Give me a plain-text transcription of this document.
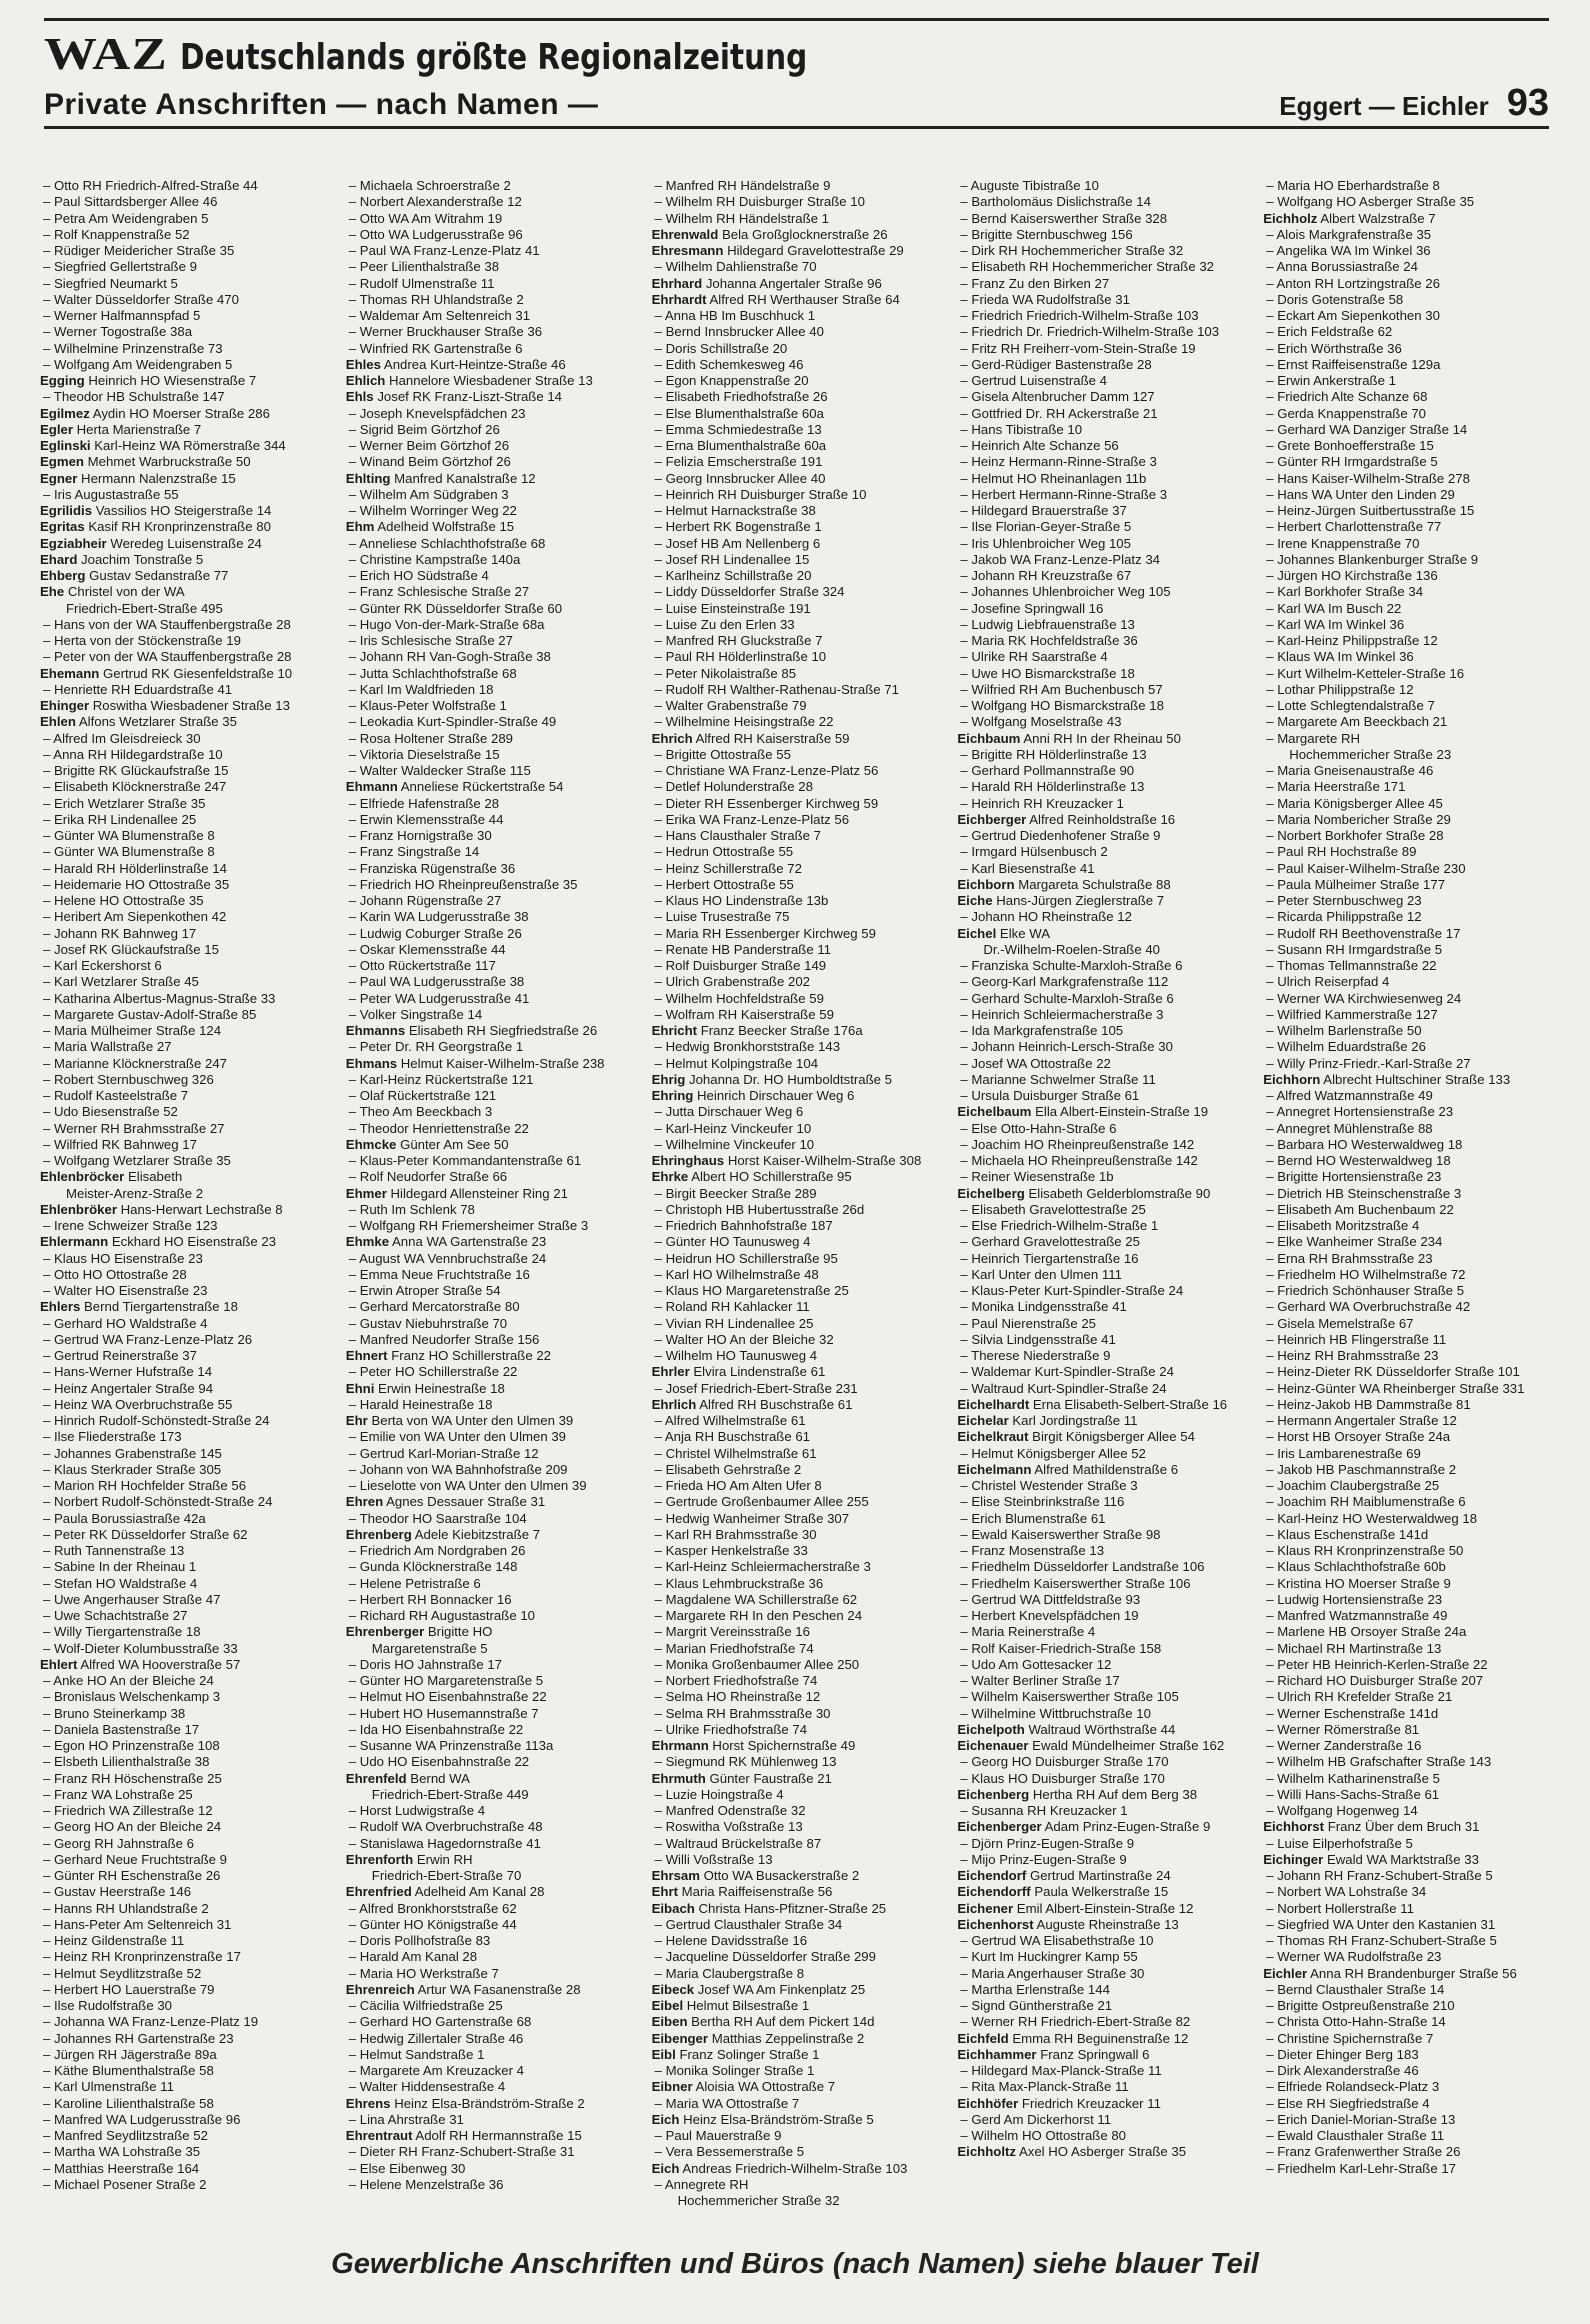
WAZ Deutschlands größte Regionalzeitung
Private Anschriften — nach Namen —	Eggert — Eichler 93
– Otto RH Friedrich-Alfred-Straße 44
– Paul Sittardsberger Allee 46
– Petra Am Weidengraben 5
– Rolf Knappenstraße 52
– Rüdiger Meidericher Straße 35
– Siegfried Gellertstraße 9
– Siegfried Neumarkt 5
– Walter Düsseldorfer Straße 470
– Werner Halfmannspfad 5
– Werner Togostraße 38a
– Wilhelmine Prinzenstraße 73
– Wolfgang Am Weidengraben 5
Egging Heinrich HO Wiesenstraße 7
– Theodor HB Schulstraße 147
Egilmez Aydin HO Moerser Straße 286
Egler Herta Marienstraße 7
Eglinski Karl-Heinz WA Römerstraße 344
Egmen Mehmet Warbruckstraße 50
Egner Hermann Nalenzstraße 15
– Iris Augustastraße 55
Egrilidis Vassilios HO Steigerstraße 14
Egritas Kasif RH Kronprinzenstraße 80
Egziabheir Weredeg Luisenstraße 24
Ehard Joachim Tonstraße 5
Ehberg Gustav Sedanstraße 77
Ehe Christel von der WA
Friedrich-Ebert-Straße 495
– Hans von der WA Stauffenbergstraße 28
– Herta von der Stöckenstraße 19
– Peter von der WA Stauffenbergstraße 28
Ehemann Gertrud RK Giesenfeldstraße 10
– Henriette RH Eduardstraße 41
Ehinger Roswitha Wiesbadener Straße 13
Ehlen Alfons Wetzlarer Straße 35
– Alfred Im Gleisdreieck 30
– Anna RH Hildegardstraße 10
– Brigitte RK Glückaufstraße 15
– Elisabeth Klöcknerstraße 247
– Erich Wetzlarer Straße 35
– Erika RH Lindenallee 25
– Günter WA Blumenstraße 8
– Günter WA Blumenstraße 8
– Harald RH Hölderlinstraße 14
– Heidemarie HO Ottostraße 35
– Helene HO Ottostraße 35
– Heribert Am Siepenkothen 42
– Johann RK Bahnweg 17
– Josef RK Glückaufstraße 15
– Karl Eckershorst 6
– Karl Wetzlarer Straße 45
– Katharina Albertus-Magnus-Straße 33
– Margarete Gustav-Adolf-Straße 85
– Maria Mülheimer Straße 124
– Maria Wallstraße 27
– Marianne Klöcknerstraße 247
– Robert Sternbuschweg 326
– Rudolf Kasteelstraße 7
– Udo Biesenstraße 52
– Werner RH Brahmsstraße 27
– Wilfried RK Bahnweg 17
– Wolfgang Wetzlarer Straße 35
Ehlenbröcker Elisabeth
Meister-Arenz-Straße 2
Ehlenbröker Hans-Herwart Lechstraße 8
– Irene Schweizer Straße 123
Ehlermann Eckhard HO Eisenstraße 23
– Klaus HO Eisenstraße 23
– Otto HO Ottostraße 28
– Walter HO Eisenstraße 23
Ehlers Bernd Tiergartenstraße 18
– Gerhard HO Waldstraße 4
– Gertrud WA Franz-Lenze-Platz 26
– Gertrud Reinerstraße 37
– Hans-Werner Hufstraße 14
– Heinz Angertaler Straße 94
– Heinz WA Overbruchstraße 55
– Hinrich Rudolf-Schönstedt-Straße 24
– Ilse Fliederstraße 173
– Johannes Grabenstraße 145
– Klaus Sterkrader Straße 305
– Marion RH Hochfelder Straße 56
– Norbert Rudolf-Schönstedt-Straße 24
– Paula Borussiastraße 42a
– Peter RK Düsseldorfer Straße 62
– Ruth Tannenstraße 13
– Sabine In der Rheinau 1
– Stefan HO Waldstraße 4
– Uwe Angerhauser Straße 47
– Uwe Schachtstraße 27
– Willy Tiergartenstraße 18
– Wolf-Dieter Kolumbusstraße 33
Ehlert Alfred WA Hooverstraße 57
– Anke HO An der Bleiche 24
– Bronislaus Welschenkamp 3
– Bruno Steinerkamp 38
– Daniela Bastenstraße 17
– Egon HO Prinzenstraße 108
– Elsbeth Lilienthalstraße 38
– Franz RH Höschenstraße 25
– Franz WA Lohstraße 25
– Friedrich WA Zillestraße 12
– Georg HO An der Bleiche 24
– Georg RH Jahnstraße 6
– Gerhard Neue Fruchtstraße 9
– Günter RH Eschenstraße 26
– Gustav Heerstraße 146
– Hanns RH Uhlandstraße 2
– Hans-Peter Am Seltenreich 31
– Heinz Gildenstraße 11
– Heinz RH Kronprinzenstraße 17
– Helmut Seydlitzstraße 52
– Herbert HO Lauerstraße 79
– Ilse Rudolfstraße 30
– Johanna WA Franz-Lenze-Platz 19
– Johannes RH Gartenstraße 23
– Jürgen RH Jägerstraße 89a
– Käthe Blumenthalstraße 58
– Karl Ulmenstraße 11
– Karoline Lilienthalstraße 58
– Manfred WA Ludgerusstraße 96
– Manfred Seydlitzstraße 52
– Martha WA Lohstraße 35
– Matthias Heerstraße 164
– Michael Posener Straße 2
– Michaela Schroerstraße 2
– Norbert Alexanderstraße 12
– Otto WA Am Witrahm 19
– Otto WA Ludgerusstraße 96
– Paul WA Franz-Lenze-Platz 41
– Peer Lilienthalstraße 38
– Rudolf Ulmenstraße 11
– Thomas RH Uhlandstraße 2
– Waldemar Am Seltenreich 31
– Werner Bruckhauser Straße 36
– Winfried RK Gartenstraße 6
Ehles Andrea Kurt-Heintze-Straße 46
Ehlich Hannelore Wiesbadener Straße 13
Ehls Josef RK Franz-Liszt-Straße 14
– Joseph Knevelspfädchen 23
– Sigrid Beim Görtzhof 26
– Werner Beim Görtzhof 26
– Winand Beim Görtzhof 26
Ehlting Manfred Kanalstraße 12
– Wilhelm Am Südgraben 3
– Wilhelm Worringer Weg 22
Ehm Adelheid Wolfstraße 15
– Anneliese Schlachthofstraße 68
– Christine Kampstraße 140a
– Erich HO Südstraße 4
– Franz Schlesische Straße 27
– Günter RK Düsseldorfer Straße 60
– Hugo Von-der-Mark-Straße 68a
– Iris Schlesische Straße 27
– Johann RH Van-Gogh-Straße 38
– Jutta Schlachthofstraße 68
– Karl Im Waldfrieden 18
– Klaus-Peter Wolfstraße 1
– Leokadia Kurt-Spindler-Straße 49
– Rosa Holtener Straße 289
– Viktoria Dieselstraße 15
– Walter Waldecker Straße 115
Ehmann Anneliese Rückertstraße 54
– Elfriede Hafenstraße 28
– Erwin Klemensstraße 44
– Franz Hornigstraße 30
– Franz Singstraße 14
– Franziska Rügenstraße 36
– Friedrich HO Rheinpreußenstraße 35
– Johann Rügenstraße 27
– Karin WA Ludgerusstraße 38
– Ludwig Coburger Straße 26
– Oskar Klemensstraße 44
– Otto Rückertstraße 117
– Paul WA Ludgerusstraße 38
– Peter WA Ludgerusstraße 41
– Volker Singstraße 14
Ehmanns Elisabeth RH Siegfriedstraße 26
– Peter Dr. RH Georgstraße 1
Ehmans Helmut Kaiser-Wilhelm-Straße 238
– Karl-Heinz Rückertstraße 121
– Olaf Rückertstraße 121
– Theo Am Beeckbach 3
– Theodor Henriettenstraße 22
Ehmcke Günter Am See 50
– Klaus-Peter Kommandantenstraße 61
– Rolf Neudorfer Straße 66
Ehmer Hildegard Allensteiner Ring 21
– Ruth Im Schlenk 78
– Wolfgang RH Friemersheimer Straße 3
Ehmke Anna WA Gartenstraße 23
– August WA Vennbruchstraße 24
– Emma Neue Fruchtstraße 16
– Erwin Atroper Straße 54
– Gerhard Mercatorstraße 80
– Gustav Niebuhrstraße 70
– Manfred Neudorfer Straße 156
Ehnert Franz HO Schillerstraße 22
– Peter HO Schillerstraße 22
Ehni Erwin Heinestraße 18
– Harald Heinestraße 18
Ehr Berta von WA Unter den Ulmen 39
– Emilie von WA Unter den Ulmen 39
– Gertrud Karl-Morian-Straße 12
– Johann von WA Bahnhofstraße 209
– Lieselotte von WA Unter den Ulmen 39
Ehren Agnes Dessauer Straße 31
– Theodor HO Saarstraße 104
Ehrenberg Adele Kiebitzstraße 7
– Friedrich Am Nordgraben 26
– Gunda Klöcknerstraße 148
– Helene Petristraße 6
– Herbert RH Bonnacker 16
– Richard RH Augustastraße 10
Ehrenberger Brigitte HO
Margaretenstraße 5
– Doris HO Jahnstraße 17
– Günter HO Margaretenstraße 5
– Helmut HO Eisenbahnstraße 22
– Hubert HO Husemannstraße 7
– Ida HO Eisenbahnstraße 22
– Susanne WA Prinzenstraße 113a
– Udo HO Eisenbahnstraße 22
Ehrenfeld Bernd WA
Friedrich-Ebert-Straße 449
– Horst Ludwigstraße 4
– Rudolf WA Overbruchstraße 48
– Stanislawa Hagedornstraße 41
Ehrenforth Erwin RH
Friedrich-Ebert-Straße 70
Ehrenfried Adelheid Am Kanal 28
– Alfred Bronkhorststraße 62
– Günter HO Königstraße 44
– Doris Pollhofstraße 83
– Harald Am Kanal 28
– Maria HO Werkstraße 7
Ehrenreich Artur WA Fasanenstraße 28
– Cäcilia Wilfriedstraße 25
– Gerhard HO Gartenstraße 68
– Hedwig Zillertaler Straße 46
– Helmut Sandstraße 1
– Margarete Am Kreuzacker 4
– Walter Hiddensestraße 4
Ehrens Heinz Elsa-Brändström-Straße 2
– Lina Ahrstraße 31
Ehrentraut Adolf RH Hermannstraße 15
– Dieter RH Franz-Schubert-Straße 31
– Else Eibenweg 30
– Helene Menzelstraße 36
– Manfred RH Händelstraße 9
– Wilhelm RH Duisburger Straße 10
– Wilhelm RH Händelstraße 1
Ehrenwald Bela Großglocknerstraße 26
Ehresmann Hildegard Gravelottestraße 29
– Wilhelm Dahlienstraße 70
Ehrhard Johanna Angertaler Straße 96
Ehrhardt Alfred RH Werthauser Straße 64
– Anna HB Im Buschhuck 1
– Bernd Innsbrucker Allee 40
– Doris Schillstraße 20
– Edith Schemkesweg 46
– Egon Knappenstraße 20
– Elisabeth Friedhofstraße 26
– Else Blumenthalstraße 60a
– Emma Schmiedestraße 13
– Erna Blumenthalstraße 60a
– Felizia Emscherstraße 191
– Georg Innsbrucker Allee 40
– Heinrich RH Duisburger Straße 10
– Helmut Harnackstraße 38
– Herbert RK Bogenstraße 1
– Josef HB Am Nellenberg 6
– Josef RH Lindenallee 15
– Karlheinz Schillstraße 20
– Liddy Düsseldorfer Straße 324
– Luise Einsteinstraße 191
– Luise Zu den Erlen 33
– Manfred RH Gluckstraße 7
– Paul RH Hölderlinstraße 10
– Peter Nikolaistraße 85
– Rudolf RH Walther-Rathenau-Straße 71
– Walter Grabenstraße 79
– Wilhelmine Heisingstraße 22
Ehrich Alfred RH Kaiserstraße 59
– Brigitte Ottostraße 55
– Christiane WA Franz-Lenze-Platz 56
– Detlef Holunderstraße 28
– Dieter RH Essenberger Kirchweg 59
– Erika WA Franz-Lenze-Platz 56
– Hans Clausthaler Straße 7
– Hedrun Ottostraße 55
– Heinz Schillerstraße 72
– Herbert Ottostraße 55
– Klaus HO Lindenstraße 13b
– Luise Trusestraße 75
– Maria RH Essenberger Kirchweg 59
– Renate HB Panderstraße 11
– Rolf Duisburger Straße 149
– Ulrich Grabenstraße 202
– Wilhelm Hochfeldstraße 59
– Wolfram RH Kaiserstraße 59
Ehricht Franz Beecker Straße 176a
– Hedwig Bronkhorststraße 143
– Helmut Kolpingstraße 104
Ehrig Johanna Dr. HO Humboldtstraße 5
Ehring Heinrich Dirschauer Weg 6
– Jutta Dirschauer Weg 6
– Karl-Heinz Vinckeufer 10
– Wilhelmine Vinckeufer 10
Ehringhaus Horst Kaiser-Wilhelm-Straße 308
Ehrke Albert HO Schillerstraße 95
– Birgit Beecker Straße 289
– Christoph HB Hubertusstraße 26d
– Friedrich Bahnhofstraße 187
– Günter HO Taunusweg 4
– Heidrun HO Schillerstraße 95
– Karl HO Wilhelmstraße 48
– Klaus HO Margaretenstraße 25
– Roland RH Kahlacker 11
– Vivian RH Lindenallee 25
– Walter HO An der Bleiche 32
– Wilhelm HO Taunusweg 4
Ehrler Elvira Lindenstraße 61
– Josef Friedrich-Ebert-Straße 231
Ehrlich Alfred RH Buschstraße 61
– Alfred Wilhelmstraße 61
– Anja RH Buschstraße 61
– Christel Wilhelmstraße 61
– Elisabeth Gehrstraße 2
– Frieda HO Am Alten Ufer 8
– Gertrude Großenbaumer Allee 255
– Hedwig Wanheimer Straße 307
– Karl RH Brahmsstraße 30
– Kasper Henkelstraße 33
– Karl-Heinz Schleiermacherstraße 3
– Klaus Lehmbruckstraße 36
– Magdalene WA Schillerstraße 62
– Margarete RH In den Peschen 24
– Margrit Vereinsstraße 16
– Marian Friedhofstraße 74
– Monika Großenbaumer Allee 250
– Norbert Friedhofstraße 74
– Selma HO Rheinstraße 12
– Selma RH Brahmsstraße 30
– Ulrike Friedhofstraße 74
Ehrmann Horst Spichernstraße 49
– Siegmund RK Mühlenweg 13
Ehrmuth Günter Faustraße 21
– Luzie Hoingstraße 4
– Manfred Odenstraße 32
– Roswitha Voßstraße 13
– Waltraud Brückelstraße 87
– Willi Voßstraße 13
Ehrsam Otto WA Busackerstraße 2
Ehrt Maria Raiffeisenstraße 56
Eibach Christa Hans-Pfitzner-Straße 25
– Gertrud Clausthaler Straße 34
– Helene Davidsstraße 16
– Jacqueline Düsseldorfer Straße 299
– Maria Claubergstraße 8
Eibeck Josef WA Am Finkenplatz 25
Eibel Helmut Bilsestraße 1
Eiben Bertha RH Auf dem Pickert 14d
Eibenger Matthias Zeppelinstraße 2
Eibl Franz Solinger Straße 1
– Monika Solinger Straße 1
Eibner Aloisia WA Ottostraße 7
– Maria WA Ottostraße 7
Eich Heinz Elsa-Brändström-Straße 5
– Paul Mauerstraße 9
– Vera Bessemerstraße 5
Eich Andreas Friedrich-Wilhelm-Straße 103
– Annegrete RH
Hochemmericher Straße 32
– Auguste Tibistraße 10
– Bartholomäus Dislichstraße 14
– Bernd Kaiserswerther Straße 328
– Brigitte Sternbuschweg 156
– Dirk RH Hochemmericher Straße 32
– Elisabeth RH Hochemmericher Straße 32
– Franz Zu den Birken 27
– Frieda WA Rudolfstraße 31
– Friedrich Friedrich-Wilhelm-Straße 103
– Friedrich Dr. Friedrich-Wilhelm-Straße 103
– Fritz RH Freiherr-vom-Stein-Straße 19
– Gerd-Rüdiger Bastenstraße 28
– Gertrud Luisenstraße 4
– Gisela Altenbrucher Damm 127
– Gottfried Dr. RH Ackerstraße 21
– Hans Tibistraße 10
– Heinrich Alte Schanze 56
– Heinz Hermann-Rinne-Straße 3
– Helmut HO Rheinanlagen 11b
– Herbert Hermann-Rinne-Straße 3
– Hildegard Brauerstraße 37
– Ilse Florian-Geyer-Straße 5
– Iris Uhlenbroicher Weg 105
– Jakob WA Franz-Lenze-Platz 34
– Johann RH Kreuzstraße 67
– Johannes Uhlenbroicher Weg 105
– Josefine Springwall 16
– Ludwig Liebfrauenstraße 13
– Maria RK Hochfeldstraße 36
– Ulrike RH Saarstraße 4
– Uwe HO Bismarckstraße 18
– Wilfried RH Am Buchenbusch 57
– Wolfgang HO Bismarckstraße 18
– Wolfgang Moselstraße 43
Eichbaum Anni RH In der Rheinau 50
– Brigitte RH Hölderlinstraße 13
– Gerhard Pollmannstraße 90
– Harald RH Hölderlinstraße 13
– Heinrich RH Kreuzacker 1
Eichberger Alfred Reinholdstraße 16
– Gertrud Diedenhofener Straße 9
– Irmgard Hülsenbusch 2
– Karl Biesenstraße 41
Eichborn Margareta Schulstraße 88
Eiche Hans-Jürgen Zieglerstraße 7
– Johann HO Rheinstraße 12
Eichel Elke WA
Dr.-Wilhelm-Roelen-Straße 40
– Franziska Schulte-Marxloh-Straße 6
– Georg-Karl Markgrafenstraße 112
– Gerhard Schulte-Marxloh-Straße 6
– Heinrich Schleiermacherstraße 3
– Ida Markgrafenstraße 105
– Johann Heinrich-Lersch-Straße 30
– Josef WA Ottostraße 22
– Marianne Schwelmer Straße 11
– Ursula Duisburger Straße 61
Eichelbaum Ella Albert-Einstein-Straße 19
– Else Otto-Hahn-Straße 6
– Joachim HO Rheinpreußenstraße 142
– Michaela HO Rheinpreußenstraße 142
– Reiner Wiesenstraße 1b
Eichelberg Elisabeth Gelderblomstraße 90
– Elisabeth Gravelottestraße 25
– Else Friedrich-Wilhelm-Straße 1
– Gerhard Gravelottestraße 25
– Heinrich Tiergartenstraße 16
– Karl Unter den Ulmen 111
– Klaus-Peter Kurt-Spindler-Straße 24
– Monika Lindgensstraße 41
– Paul Nierenstraße 25
– Silvia Lindgensstraße 41
– Therese Niederstraße 9
– Waldemar Kurt-Spindler-Straße 24
– Waltraud Kurt-Spindler-Straße 24
Eichelhardt Erna Elisabeth-Selbert-Straße 16
Eichelar Karl Jordingstraße 11
Eichelkraut Birgit Königsberger Allee 54
– Helmut Königsberger Allee 52
Eichelmann Alfred Mathildenstraße 6
– Christel Westender Straße 3
– Elise Steinbrinkstraße 116
– Erich Blumenstraße 61
– Ewald Kaiserswerther Straße 98
– Franz Mosenstraße 13
– Friedhelm Düsseldorfer Landstraße 106
– Friedhelm Kaiserswerther Straße 106
– Gertrud WA Dittfeldstraße 93
– Herbert Knevelspfädchen 19
– Maria Reinerstraße 4
– Rolf Kaiser-Friedrich-Straße 158
– Udo Am Gottesacker 12
– Walter Berliner Straße 17
– Wilhelm Kaiserswerther Straße 105
– Wilhelmine Wittbruchstraße 10
Eichelpoth Waltraud Wörthstraße 44
Eichenauer Ewald Mündelheimer Straße 162
– Georg HO Duisburger Straße 170
– Klaus HO Duisburger Straße 170
Eichenberg Hertha RH Auf dem Berg 38
– Susanna RH Kreuzacker 1
Eichenberger Adam Prinz-Eugen-Straße 9
– Djörn Prinz-Eugen-Straße 9
– Mijo Prinz-Eugen-Straße 9
Eichendorf Gertrud Martinstraße 24
Eichendorff Paula Welkerstraße 15
Eichener Emil Albert-Einstein-Straße 12
Eichenhorst Auguste Rheinstraße 13
– Gertrud WA Elisabethstraße 10
– Kurt Im Huckingrer Kamp 55
– Maria Angerhauser Straße 30
– Martha Erlenstraße 144
– Signd Güntherstraße 21
– Werner RH Friedrich-Ebert-Straße 82
Eichfeld Emma RH Beguinenstraße 12
Eichhammer Franz Springwall 6
– Hildegard Max-Planck-Straße 11
– Rita Max-Planck-Straße 11
Eichhöfer Friedrich Kreuzacker 11
– Gerd Am Dickerhorst 11
– Wilhelm HO Ottostraße 80
Eichholtz Axel HO Asberger Straße 35
– Maria HO Eberhardstraße 8
– Wolfgang HO Asberger Straße 35
Eichholz Albert Walzstraße 7
– Alois Markgrafenstraße 35
– Angelika WA Im Winkel 36
– Anna Borussiastraße 24
– Anton RH Lortzingstraße 26
– Doris Gotenstraße 58
– Eckart Am Siepenkothen 30
– Erich Feldstraße 62
– Erich Wörthstraße 36
– Ernst Raiffeisenstraße 129a
– Erwin Ankerstraße 1
– Friedrich Alte Schanze 68
– Gerda Knappenstraße 70
– Gerhard WA Danziger Straße 14
– Grete Bonhoefferstraße 15
– Günter RH Irmgardstraße 5
– Hans Kaiser-Wilhelm-Straße 278
– Hans WA Unter den Linden 29
– Heinz-Jürgen Suitbertusstraße 15
– Herbert Charlottenstraße 77
– Irene Knappenstraße 70
– Johannes Blankenburger Straße 9
– Jürgen HO Kirchstraße 136
– Karl Borkhofer Straße 34
– Karl WA Im Busch 22
– Karl WA Im Winkel 36
– Karl-Heinz Philippstraße 12
– Klaus WA Im Winkel 36
– Kurt Wilhelm-Ketteler-Straße 16
– Lothar Philippstraße 12
– Lotte Schlegtendalstraße 7
– Margarete Am Beeckbach 21
– Margarete RH
Hochemmericher Straße 23
– Maria Gneisenaustraße 46
– Maria Heerstraße 171
– Maria Königsberger Allee 45
– Maria Nombericher Straße 29
– Norbert Borkhofer Straße 28
– Paul RH Hochstraße 89
– Paul Kaiser-Wilhelm-Straße 230
– Paula Mülheimer Straße 177
– Peter Sternbuschweg 23
– Ricarda Philippstraße 12
– Rudolf RH Beethovenstraße 17
– Susann RH Irmgardstraße 5
– Thomas Tellmannstraße 22
– Ulrich Reiserpfad 4
– Werner WA Kirchwiesenweg 24
– Wilfried Kammerstraße 127
– Wilhelm Barlenstraße 50
– Wilhelm Eduardstraße 26
– Willy Prinz-Friedr.-Karl-Straße 27
Eichhorn Albrecht Hultschiner Straße 133
– Alfred Watzmannstraße 49
– Annegret Hortensienstraße 23
– Annegret Mühlenstraße 88
– Barbara HO Westerwaldweg 18
– Bernd HO Westerwaldweg 18
– Brigitte Hortensienstraße 23
– Dietrich HB Steinschenstraße 3
– Elisabeth Am Buchenbaum 22
– Elisabeth Moritzstraße 4
– Elke Wanheimer Straße 234
– Erna RH Brahmsstraße 23
– Friedhelm HO Wilhelmstraße 72
– Friedrich Schönhauser Straße 5
– Gerhard WA Overbruchstraße 42
– Gisela Memelstraße 67
– Heinrich HB Flingerstraße 11
– Heinz RH Brahmsstraße 23
– Heinz-Dieter RK Düsseldorfer Straße 101
– Heinz-Günter WA Rheinberger Straße 331
– Heinz-Jakob HB Dammstraße 81
– Hermann Angertaler Straße 12
– Horst HB Orsoyer Straße 24a
– Iris Lambarenestraße 69
– Jakob HB Paschmannstraße 2
– Joachim Claubergstraße 25
– Joachim RH Maiblumenstraße 6
– Karl-Heinz HO Westerwaldweg 18
– Klaus Eschenstraße 141d
– Klaus RH Kronprinzenstraße 50
– Klaus Schlachthofstraße 60b
– Kristina HO Moerser Straße 9
– Ludwig Hortensienstraße 23
– Manfred Watzmannstraße 49
– Marlene HB Orsoyer Straße 24a
– Michael RH Martinstraße 13
– Peter HB Heinrich-Kerlen-Straße 22
– Richard HO Duisburger Straße 207
– Ulrich RH Krefelder Straße 21
– Werner Eschenstraße 141d
– Werner Römerstraße 81
– Werner Zanderstraße 16
– Wilhelm HB Grafschafter Straße 143
– Wilhelm Katharinenstraße 5
– Willi Hans-Sachs-Straße 61
– Wolfgang Hogenweg 14
Eichhorst Franz Über dem Bruch 31
– Luise Eilperhofstraße 5
Eichinger Ewald WA Marktstraße 33
– Johann RH Franz-Schubert-Straße 5
– Norbert WA Lohstraße 34
– Norbert Hollerstraße 11
– Siegfried WA Unter den Kastanien 31
– Thomas RH Franz-Schubert-Straße 5
– Werner WA Rudolfstraße 23
Eichler Anna RH Brandenburger Straße 56
– Bernd Clausthaler Straße 14
– Brigitte Ostpreußenstraße 210
– Christa Otto-Hahn-Straße 14
– Christine Spichernstraße 7
– Dieter Ehinger Berg 183
– Dirk Alexanderstraße 46
– Elfriede Rolandseck-Platz 3
– Else RH Siegfriedstraße 4
– Erich Daniel-Morian-Straße 13
– Ewald Clausthaler Straße 11
– Franz Grafenwerther Straße 26
– Friedhelm Karl-Lehr-Straße 17
Gewerbliche Anschriften und Büros (nach Namen) siehe blauer Teil
